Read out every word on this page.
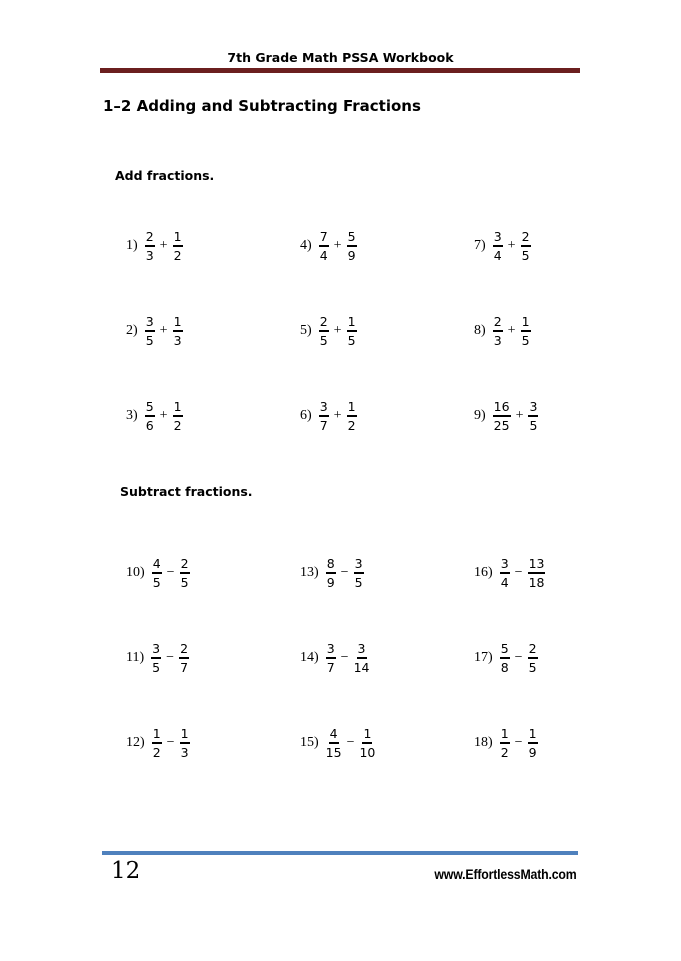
7th Grade Math PSSA Workbook
1–2 Adding and Subtracting Fractions
Add fractions.
Subtract fractions.
$1) \frac{2}{3} + \frac{1}{2}$
$2) \frac{3}{5} + \frac{1}{3}$
$3) \frac{5}{6} + \frac{1}{2}$
$4) \frac{7}{4} + \frac{5}{9}$
$5) \frac{2}{5} + \frac{1}{5}$
$6) \frac{3}{7} + \frac{1}{2}$
$7) \frac{3}{4} + \frac{2}{5}$
$8) \frac{2}{3} + \frac{1}{5}$
$9) \frac{16}{25} + \frac{3}{5}$
$10) \frac{4}{5} - \frac{2}{5}$
$11) \frac{3}{5} - \frac{2}{7}$
$12) \frac{1}{2} - \frac{1}{3}$
$13) \frac{8}{9} - \frac{3}{5}$
$14) \frac{3}{7} - \frac{3}{14}$
$15) \frac{4}{15} - \frac{1}{10}$
$16) \frac{3}{4} - \frac{13}{18}$
$17) \frac{5}{8} - \frac{2}{5}$
$18) \frac{1}{2} - \frac{1}{9}$
12	www.EffortlessMath.com
